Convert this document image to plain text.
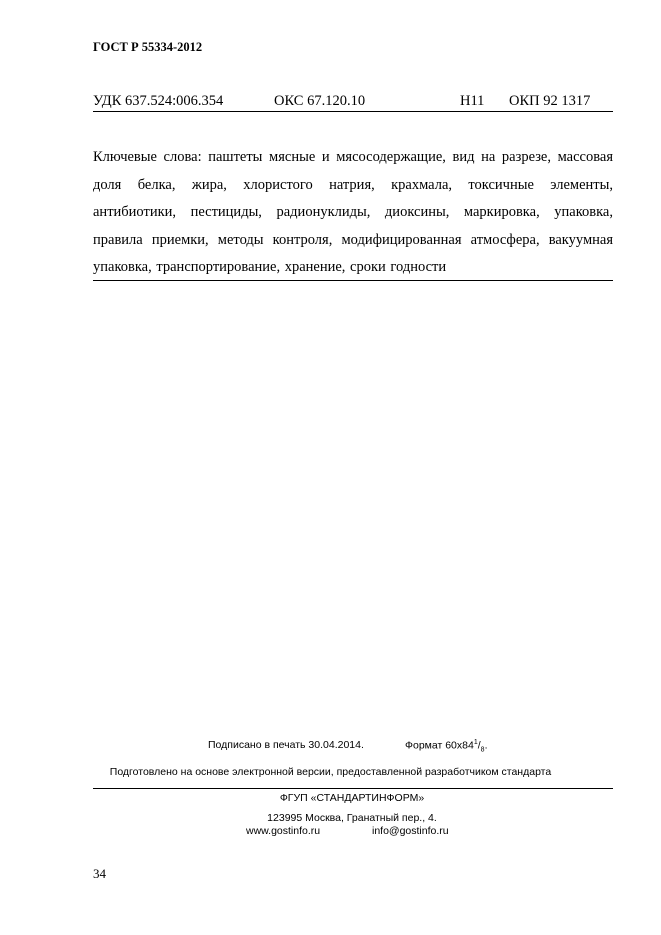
ГОСТ Р 55334-2012
УДК 637.524:006.354	ОКС 67.120.10	Н11 ОКП 92 1317
Ключевые слова: паштеты мясные и мясосодержащие, вид на разрезе, массовая доля белка, жира, хлористого натрия, крахмала, токсичные элементы, антибиотики, пестициды, радионуклиды, диоксины, маркировка, упаковка, правила приемки, методы контроля, модифицированная атмосфера, вакуумная упаковка, транспортирование, хранение, сроки годности
Подписано в печать 30.04.2014.	Формат $60х84^1/_8$.
Подготовлено на основе электронной версии, предоставленной разработчиком стандарта
ФГУП «СТАНДАРТИНФОРМ»
123995 Москва, Гранатный пер., 4.
www.gostinfo.ru	info@gostinfo.ru
34
